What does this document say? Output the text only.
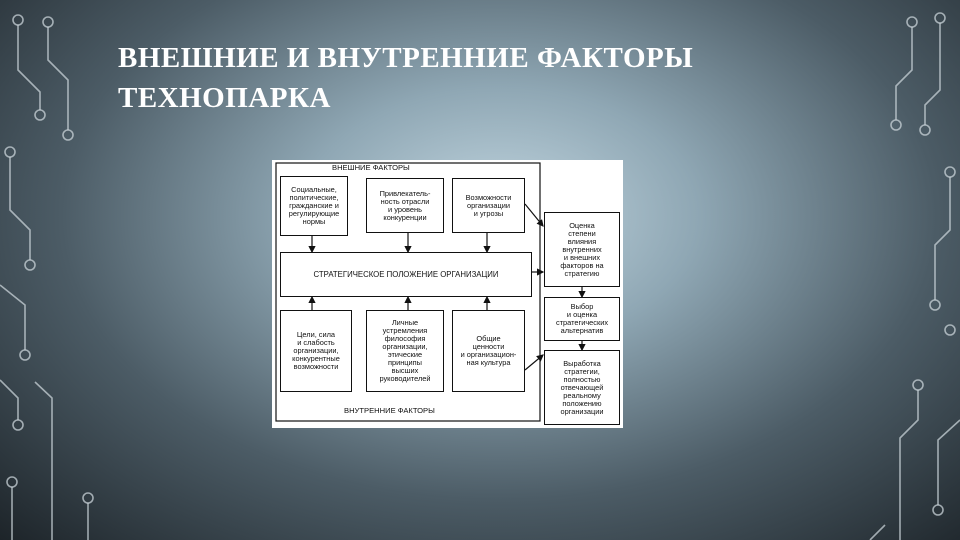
ВНЕШНИЕ И ВНУТРЕННИЕ ФАКТОРЫ
ТЕХНОПАРКА
ВНЕШНИЕ ФАКТОРЫ
Социальные,
политические,
гражданские и
регулирующие
нормы
Привлекатель-
ность отрасли
и уровень
конкуренции
Возможности
организации
и угрозы
СТРАТЕГИЧЕСКОЕ ПОЛОЖЕНИЕ ОРГАНИЗАЦИИ
Цели, сила
и слабость
организации,
конкурентные
возможности
Личные
устремления
философия
организации,
этические
принципы
высших
руководителей
Общие
ценности
и организацион-
ная культура
ВНУТРЕННИЕ ФАКТОРЫ
Оценка
степени
влияния
внутренних
и внешних
факторов на
стратегию
Выбор
и оценка
стратегических
альтернатив
Выработка
стратегии,
полностью
отвечающей
реальному
положению
организации
